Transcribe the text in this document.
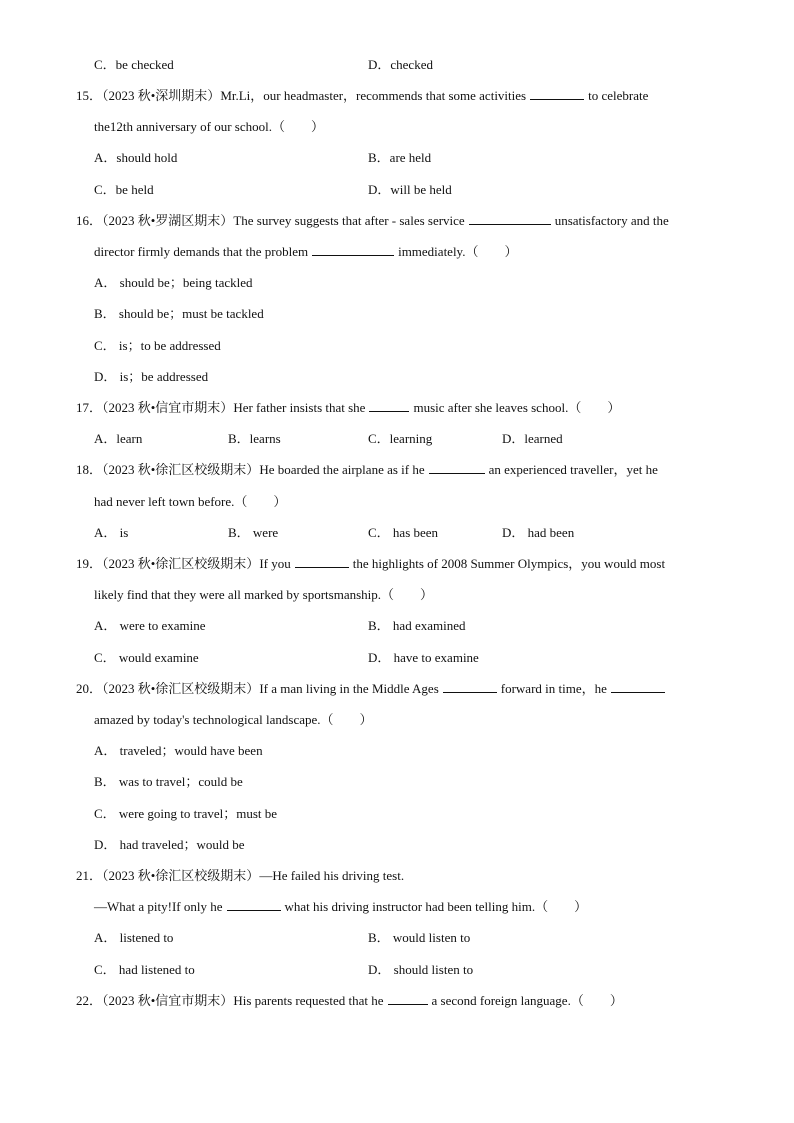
C．be checked	D．checked
15．（2023 秋•深圳期末）Mr.Li，our headmaster，recommends that some activities	to celebrate
the12th anniversary of our school.（　　）
A．should hold	B．are held
C．be held	D．will be held
16．（2023 秋•罗湖区期末）The survey suggests that after - sales service	unsatisfactory and the
director firmly demands that the problem	immediately.（　　）
A． should be；being tackled
B． should be；must be tackled
C． is；to be addressed
D． is；be addressed
17．（2023 秋•信宜市期末）Her father insists that she	music after she leaves school.（　　）
A．learn	B．learns	C．learning	D．learned
18．（2023 秋•徐汇区校级期末）He boarded the airplane as if he	an experienced traveller，yet he
had never left town before.（　　）
A． is	B． were	C． has been	D． had been
19．（2023 秋•徐汇区校级期末）If you	the highlights of 2008 Summer Olympics，you would most
likely find that they were all marked by sportsmanship.（　　）
A． were to examine	B． had examined
C． would examine	D． have to examine
20．（2023 秋•徐汇区校级期末）If a man living in the Middle Ages	forward in time，he
amazed by today's technological landscape.（　　）
A． traveled；would have been
B． was to travel；could be
C． were going to travel；must be
D． had traveled；would be
21．（2023 秋•徐汇区校级期末）—He failed his driving test.
—What a pity!If only he	what his driving instructor had been telling him.（　　）
A． listened to	B． would listen to
C． had listened to	D． should listen to
22．（2023 秋•信宜市期末）His parents requested that he	a second foreign language.（　　）
